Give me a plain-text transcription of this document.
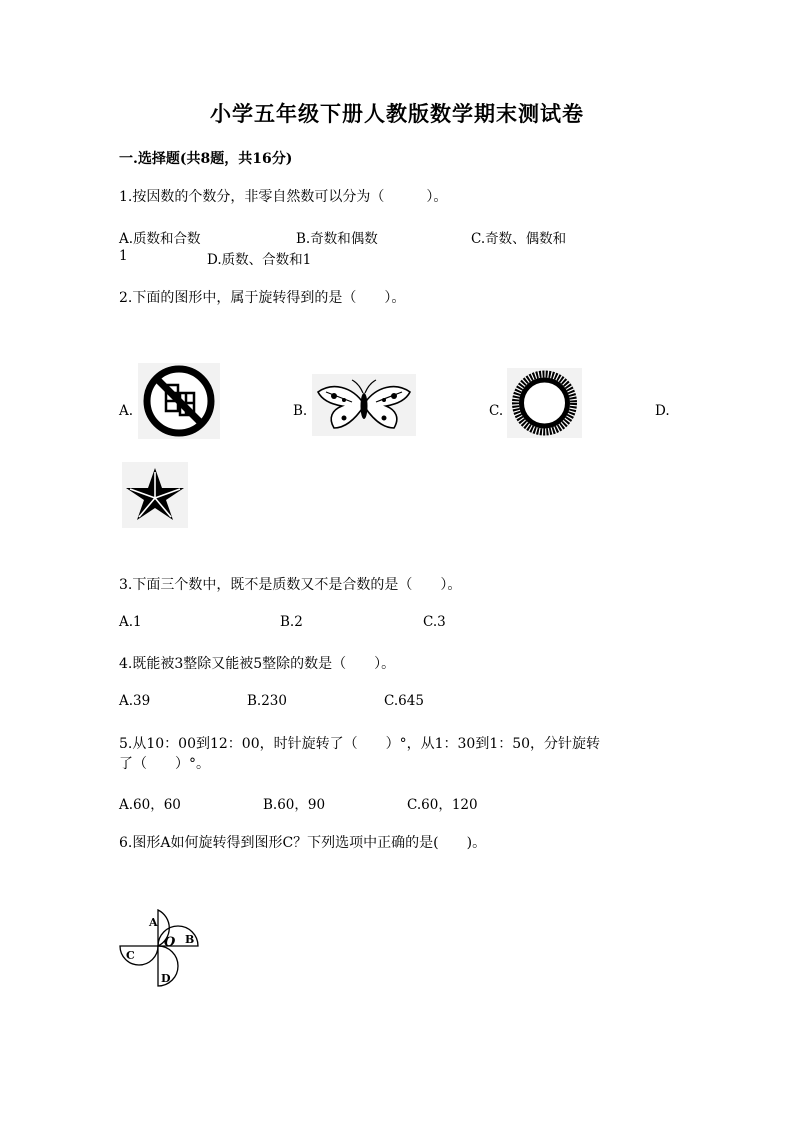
小学五年级下册人教版数学期末测试卷
一.选择题(共8题，共16分)
1.按因数的个数分，非零自然数可以分为（　　　）。
A.质数和合数	B.奇数和偶数	C.奇数、偶数和
1	D.质数、合数和1
2.下面的图形中，属于旋转得到的是（　　）。
A.	B.	C.	D.
3.下面三个数中，既不是质数又不是合数的是（　　）。
A.1	B.2	C.3
4.既能被3整除又能被5整除的数是（　　）。
A.39	B.230	C.645
5.从10：00到12：00，时针旋转了（　　）°，从1：30到1：50，分针旋转
了（　　）°。
A.60，60	B.60，90	C.60，120
6.图形A如何旋转得到图形C？下列选项中正确的是(　　)。
A
B
C
D
O
